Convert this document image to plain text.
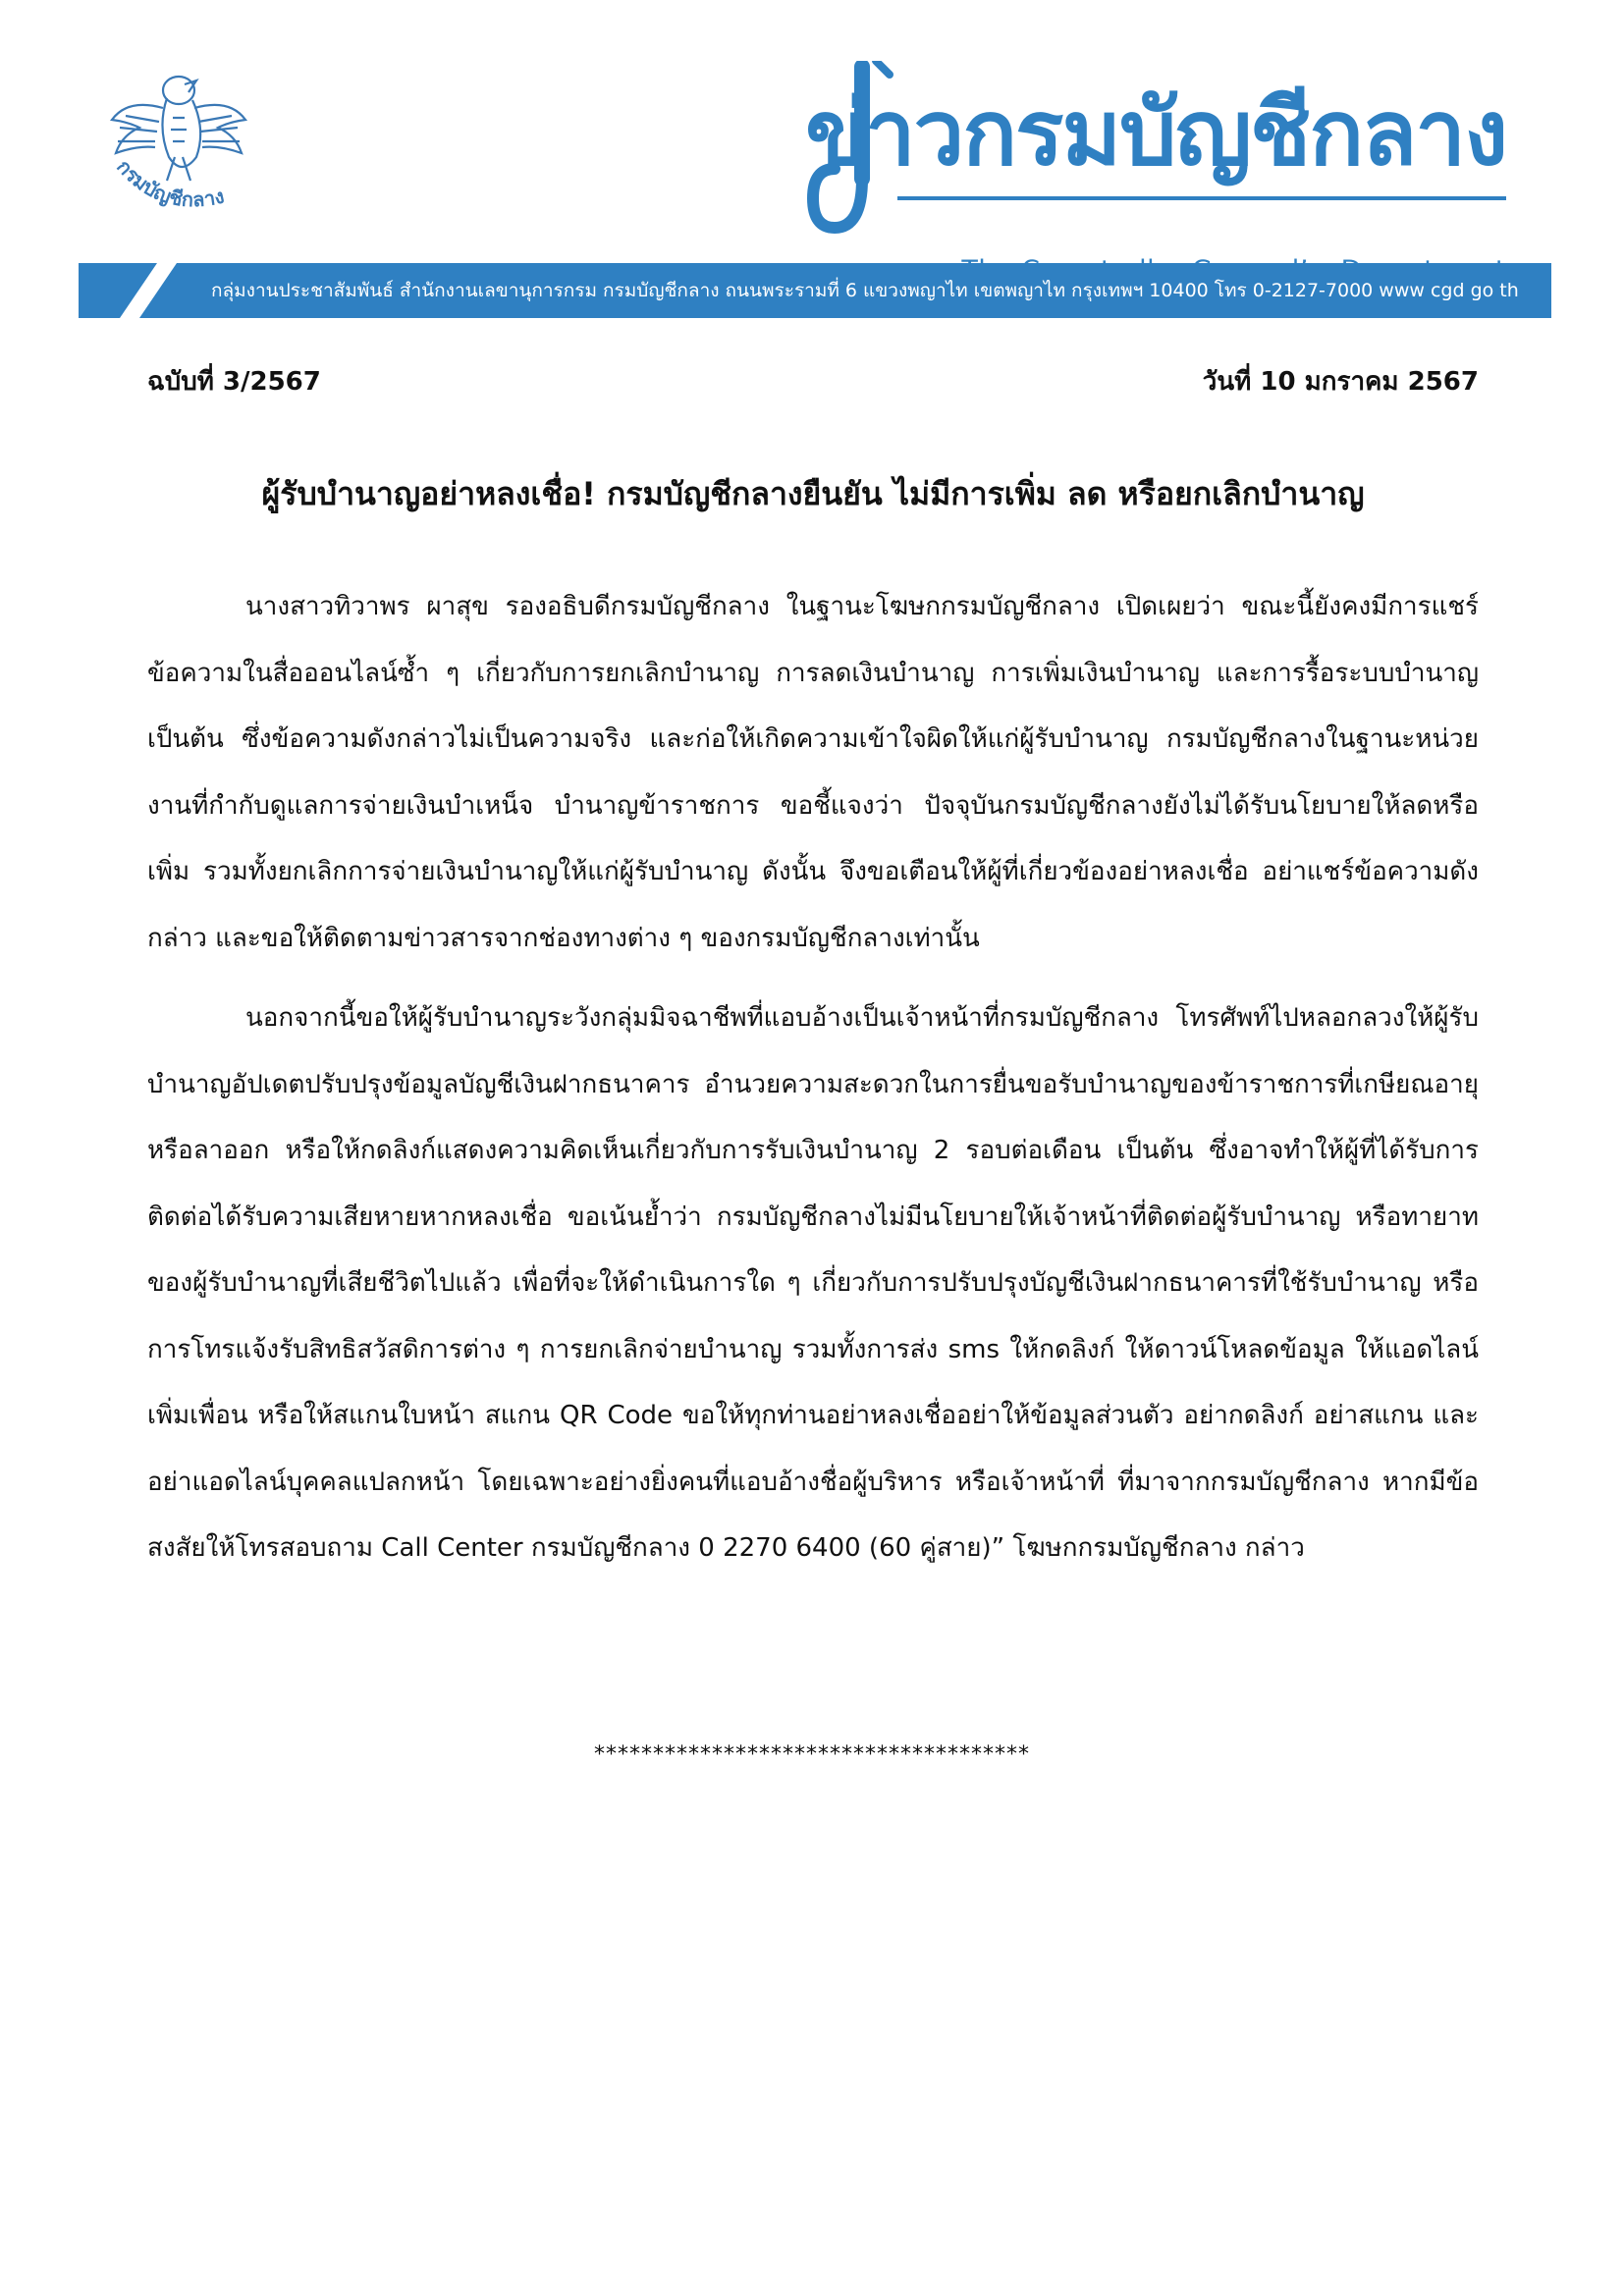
กรมบัญชีกลาง
ข่าวกรมบัญชีกลาง
กลุ่มงานประชาสัมพันธ์ สำนักงานเลขานุการกรม กรมบัญชีกลาง ถนนพระรามที่ 6 แขวงพญาไท เขตพญาไท กรุงเทพฯ 10400 โทร 0-2127-7000 www cgd go th
ฉบับที่ 3/2567	วันที่ 10 มกราคม 2567
ผู้รับบำนาญอย่าหลงเชื่อ! กรมบัญชีกลางยืนยัน ไม่มีการเพิ่ม ลด หรือยกเลิกบำนาญ

นางสาวทิวาพร ผาสุข รองอธิบดีกรมบัญชีกลาง ในฐานะโฆษกกรมบัญชีกลาง เปิดเผยว่า ขณะนี้ยังคงมีการแชร์ข้อความในสื่อออนไลน์ซ้ำ ๆ เกี่ยวกับการยกเลิกบำนาญ การลดเงินบำนาญ การเพิ่มเงินบำนาญ และการรื้อระบบบำนาญ เป็นต้น ซึ่งข้อความดังกล่าวไม่เป็นความจริง และก่อให้เกิดความเข้าใจผิดให้แก่ผู้รับบำนาญ กรมบัญชีกลางในฐานะหน่วยงานที่กำกับดูแลการจ่ายเงินบำเหน็จ บำนาญข้าราชการ ขอชี้แจงว่า ปัจจุบันกรมบัญชีกลางยังไม่ได้รับนโยบายให้ลดหรือเพิ่ม รวมทั้งยกเลิกการจ่ายเงินบำนาญให้แก่ผู้รับบำนาญ ดังนั้น จึงขอเตือนให้ผู้ที่เกี่ยวข้องอย่าหลงเชื่อ อย่าแชร์ข้อความดังกล่าว และขอให้ติดตามข่าวสารจากช่องทางต่าง ๆ ของกรมบัญชีกลางเท่านั้น

นอกจากนี้ขอให้ผู้รับบำนาญระวังกลุ่มมิจฉาชีพที่แอบอ้างเป็นเจ้าหน้าที่กรมบัญชีกลาง โทรศัพท์ไปหลอกลวงให้ผู้รับบำนาญอัปเดตปรับปรุงข้อมูลบัญชีเงินฝากธนาคาร อำนวยความสะดวกในการยื่นขอรับบำนาญของข้าราชการที่เกษียณอายุหรือลาออก หรือให้กดลิงก์แสดงความคิดเห็นเกี่ยวกับการรับเงินบำนาญ 2 รอบต่อเดือน เป็นต้น ซึ่งอาจทำให้ผู้ที่ได้รับการติดต่อได้รับความเสียหายหากหลงเชื่อ ขอเน้นย้ำว่า กรมบัญชีกลางไม่มีนโยบายให้เจ้าหน้าที่ติดต่อผู้รับบำนาญ หรือทายาทของผู้รับบำนาญที่เสียชีวิตไปแล้ว เพื่อที่จะให้ดำเนินการใด ๆ เกี่ยวกับการปรับปรุงบัญชีเงินฝากธนาคารที่ใช้รับบำนาญ หรือการโทรแจ้งรับสิทธิสวัสดิการต่าง ๆ การยกเลิกจ่ายบำนาญ รวมทั้งการส่ง sms ให้กดลิงก์ ให้ดาวน์โหลดข้อมูล ให้แอดไลน์เพิ่มเพื่อน หรือให้สแกนใบหน้า สแกน QR Code ขอให้ทุกท่านอย่าหลงเชื่ออย่าให้ข้อมูลส่วนตัว อย่ากดลิงก์ อย่าสแกน และอย่าแอดไลน์บุคคลแปลกหน้า โดยเฉพาะอย่างยิ่งคนที่แอบอ้างชื่อผู้บริหาร หรือเจ้าหน้าที่ ที่มาจากกรมบัญชีกลาง หากมีข้อสงสัยให้โทรสอบถาม Call Center กรมบัญชีกลาง 0 2270 6400 (60 คู่สาย)” โฆษกกรมบัญชีกลาง กล่าว

*************************************
